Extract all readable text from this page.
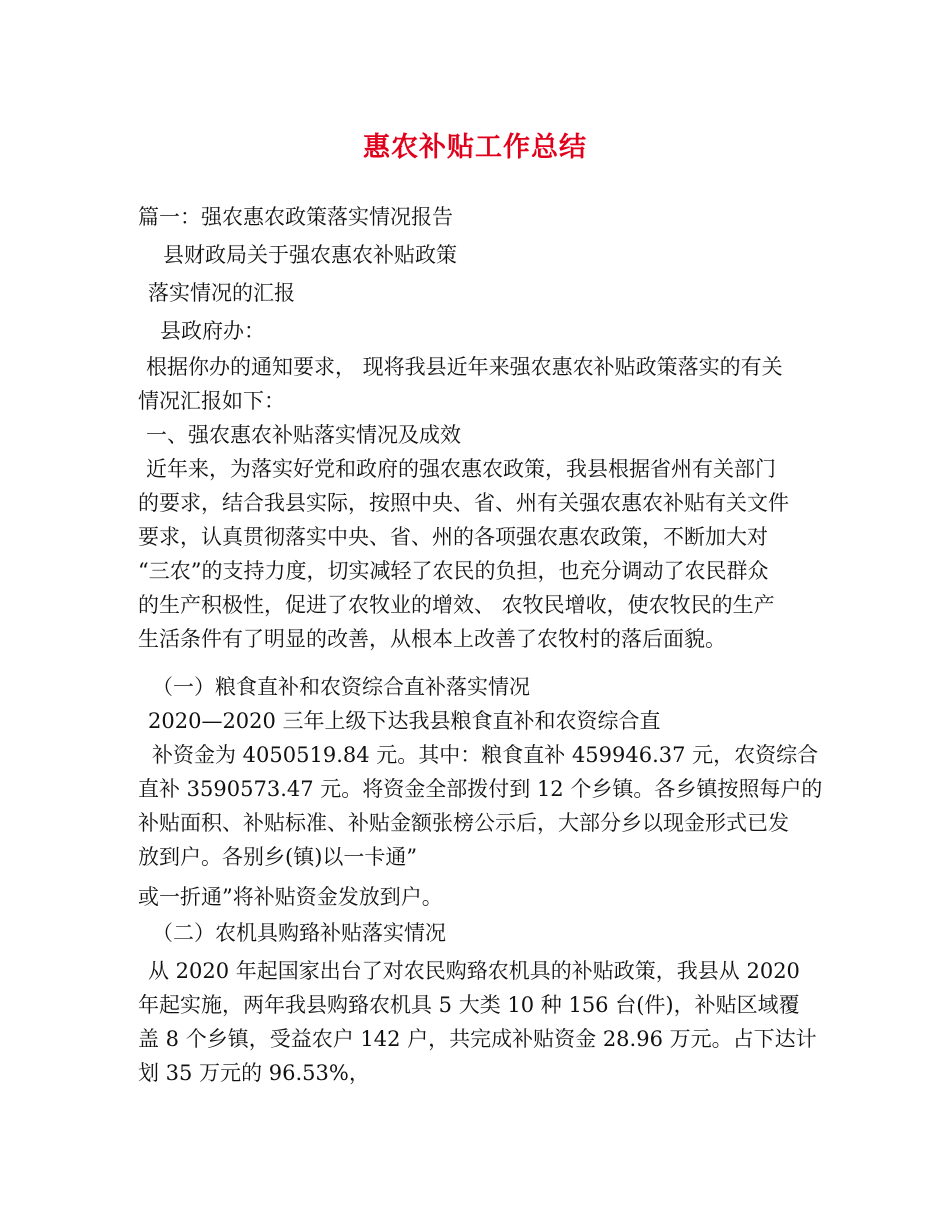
惠农补贴工作总结
篇一：强农惠农政策落实情况报告
县财政局关于强农惠农补贴政策
落实情况的汇报
县政府办：
根据你办的通知要求， 现将我县近年来强农惠农补贴政策落实的有关
情况汇报如下：
一、强农惠农补贴落实情况及成效
近年来，为落实好党和政府的强农惠农政策，我县根据省州有关部门
的要求，结合我县实际，按照中央、省、州有关强农惠农补贴有关文件
要求，认真贯彻落实中央、省、州的各项强农惠农政策，不断加大对
“三农”的支持力度，切实减轻了农民的负担，也充分调动了农民群众
的生产积极性，促进了农牧业的增效、 农牧民增收，使农牧民的生产
生活条件有了明显的改善，从根本上改善了农牧村的落后面貌。
（一）粮食直补和农资综合直补落实情况
2020—2020 三年上级下达我县粮食直补和农资综合直
补资金为 4050519.84 元。其中：粮食直补 459946.37 元，农资综合
直补 3590573.47 元。将资金全部拨付到 12 个乡镇。各乡镇按照每户的
补贴面积、补贴标准、补贴金额张榜公示后，大部分乡以现金形式已发
放到户。各别乡(镇)以一卡通”
或一折通”将补贴资金发放到户。
（二）农机具购臵补贴落实情况
从 2020 年起国家出台了对农民购臵农机具的补贴政策，我县从 2020
年起实施，两年我县购臵农机具 5 大类 10 种 156 台(件)，补贴区域覆
盖 8 个乡镇，受益农户 142 户，共完成补贴资金 28.96 万元。占下达计
划 35 万元的 96.53%，
